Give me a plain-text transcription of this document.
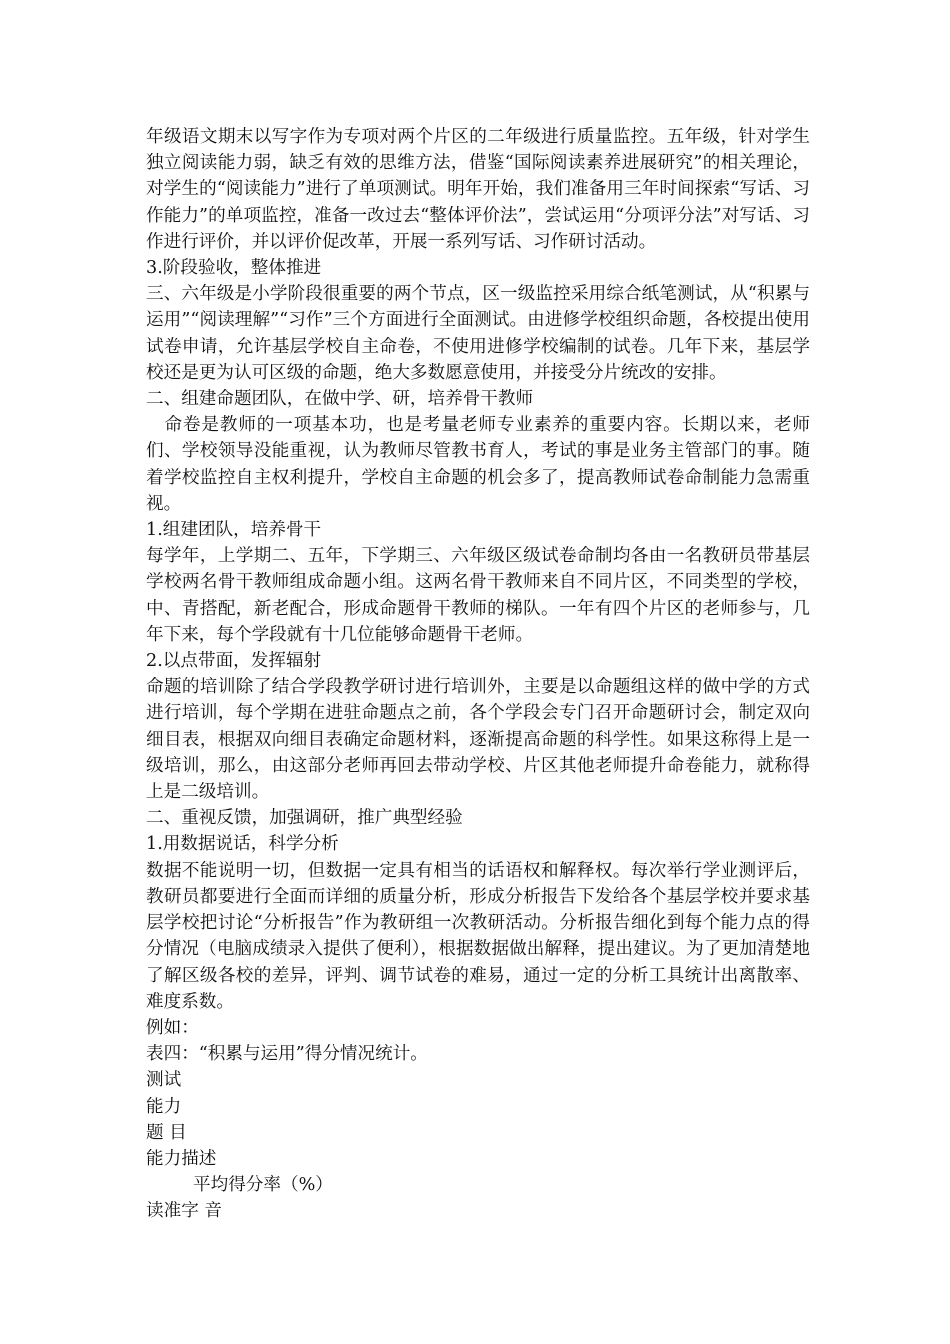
年级语文期末以写字作为专项对两个片区的二年级进行质量监控。五年级，针对学生独立阅读能力弱，缺乏有效的思维方法，借鉴“国际阅读素养进展研究”的相关理论，对学生的“阅读能力”进行了单项测试。明年开始，我们准备用三年时间探索“写话、习作能力”的单项监控，准备一改过去“整体评价法”，尝试运用“分项评分法”对写话、习作进行评价，并以评价促改革，开展一系列写话、习作研讨活动。

3.阶段验收，整体推进

三、六年级是小学阶段很重要的两个节点，区一级监控采用综合纸笔测试，从“积累与运用”“阅读理解”“习作”三个方面进行全面测试。由进修学校组织命题，各校提出使用试卷申请，允许基层学校自主命卷，不使用进修学校编制的试卷。几年下来，基层学校还是更为认可区级的命题，绝大多数愿意使用，并接受分片统改的安排。

二、组建命题团队，在做中学、研，培养骨干教师

命卷是教师的一项基本功，也是考量老师专业素养的重要内容。长期以来，老师们、学校领导没能重视，认为教师尽管教书育人，考试的事是业务主管部门的事。随着学校监控自主权利提升，学校自主命题的机会多了，提高教师试卷命制能力急需重视。

1.组建团队，培养骨干

每学年，上学期二、五年，下学期三、六年级区级试卷命制均各由一名教研员带基层学校两名骨干教师组成命题小组。这两名骨干教师来自不同片区，不同类型的学校，中、青搭配，新老配合，形成命题骨干教师的梯队。一年有四个片区的老师参与，几年下来，每个学段就有十几位能够命题骨干老师。

2.以点带面，发挥辐射

命题的培训除了结合学段教学研讨进行培训外，主要是以命题组这样的做中学的方式进行培训，每个学期在进驻命题点之前，各个学段会专门召开命题研讨会，制定双向细目表，根据双向细目表确定命题材料，逐渐提高命题的科学性。如果这称得上是一级培训，那么，由这部分老师再回去带动学校、片区其他老师提升命卷能力，就称得上是二级培训。

二、重视反馈，加强调研，推广典型经验

1.用数据说话，科学分析

数据不能说明一切，但数据一定具有相当的话语权和解释权。每次举行学业测评后，教研员都要进行全面而详细的质量分析，形成分析报告下发给各个基层学校并要求基层学校把讨论“分析报告”作为教研组一次教研活动。分析报告细化到每个能力点的得分情况（电脑成绩录入提供了便利），根据数据做出解释，提出建议。为了更加清楚地了解区级各校的差异，评判、调节试卷的难易，通过一定的分析工具统计出离散率、难度系数。

例如：

表四：“积累与运用”得分情况统计。

测试

能力

题 目

能力描述

平均得分率（%）

读准字 音
